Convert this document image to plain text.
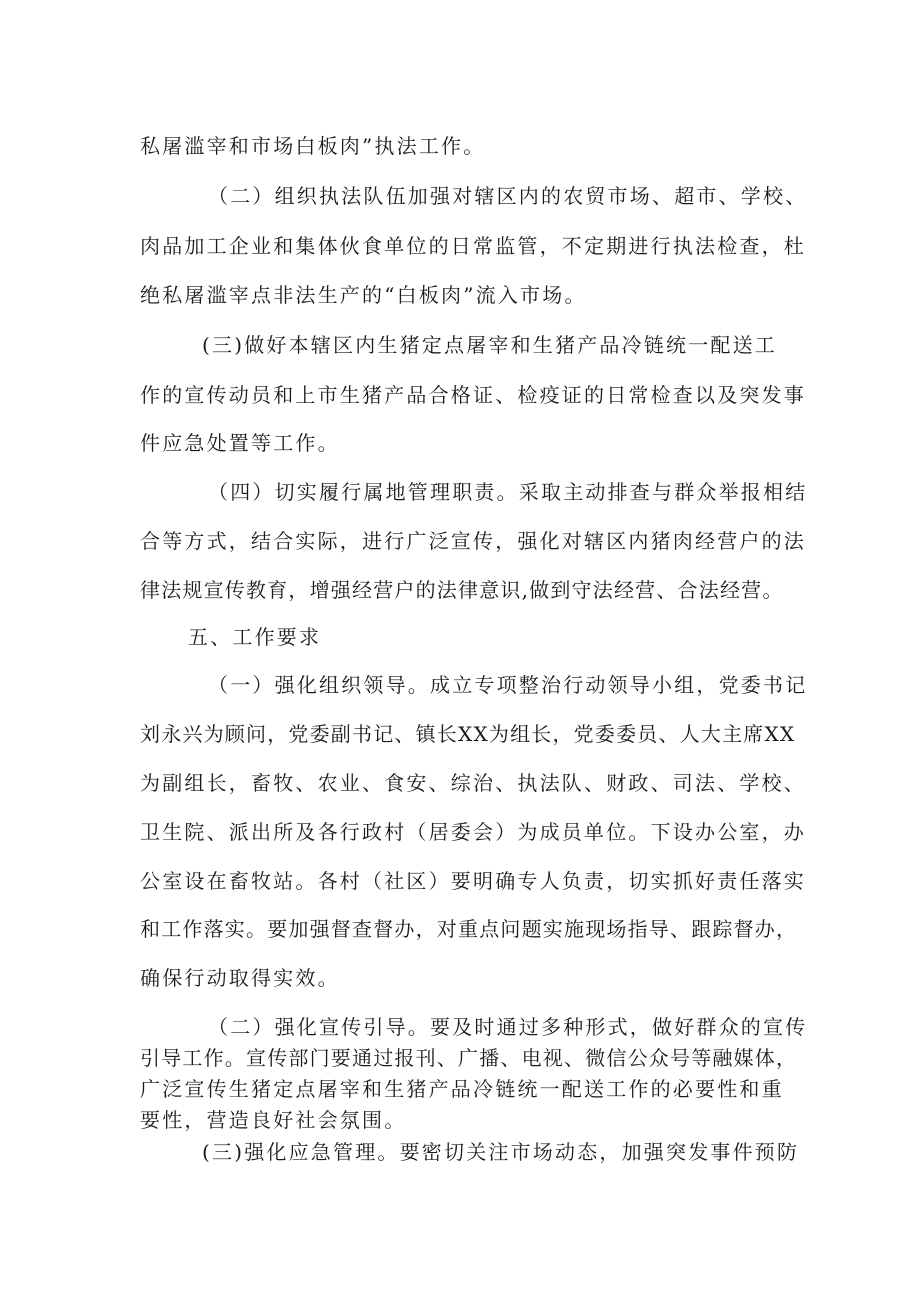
私屠滥宰和市场白板肉”执法工作。
（二）组织执法队伍加强对辖区内的农贸市场、超市、学校、
肉品加工企业和集体伙食单位的日常监管，不定期进行执法检查，杜
绝私屠滥宰点非法生产的“白板肉”流入市场。
(三)做好本辖区内生猪定点屠宰和生猪产品冷链统一配送工
作的宣传动员和上市生猪产品合格证、检疫证的日常检查以及突发事
件应急处置等工作。
（四）切实履行属地管理职责。采取主动排查与群众举报相结
合等方式，结合实际，进行广泛宣传，强化对辖区内猪肉经营户的法
律法规宣传教育，增强经营户的法律意识,做到守法经营、合法经营。
五、工作要求
（一）强化组织领导。成立专项整治行动领导小组，党委书记
刘永兴为顾问，党委副书记、镇长XX为组长，党委委员、人大主席XX
为副组长，畜牧、农业、食安、综治、执法队、财政、司法、学校、
卫生院、派出所及各行政村（居委会）为成员单位。下设办公室，办
公室设在畜牧站。各村（社区）要明确专人负责，切实抓好责任落实
和工作落实。要加强督查督办，对重点问题实施现场指导、跟踪督办，
确保行动取得实效。
（二）强化宣传引导。要及时通过多种形式，做好群众的宣传
引导工作。宣传部门要通过报刊、广播、电视、微信公众号等融媒体，
广泛宣传生猪定点屠宰和生猪产品冷链统一配送工作的必要性和重
要性，营造良好社会氛围。
(三)强化应急管理。要密切关注市场动态，加强突发事件预防
